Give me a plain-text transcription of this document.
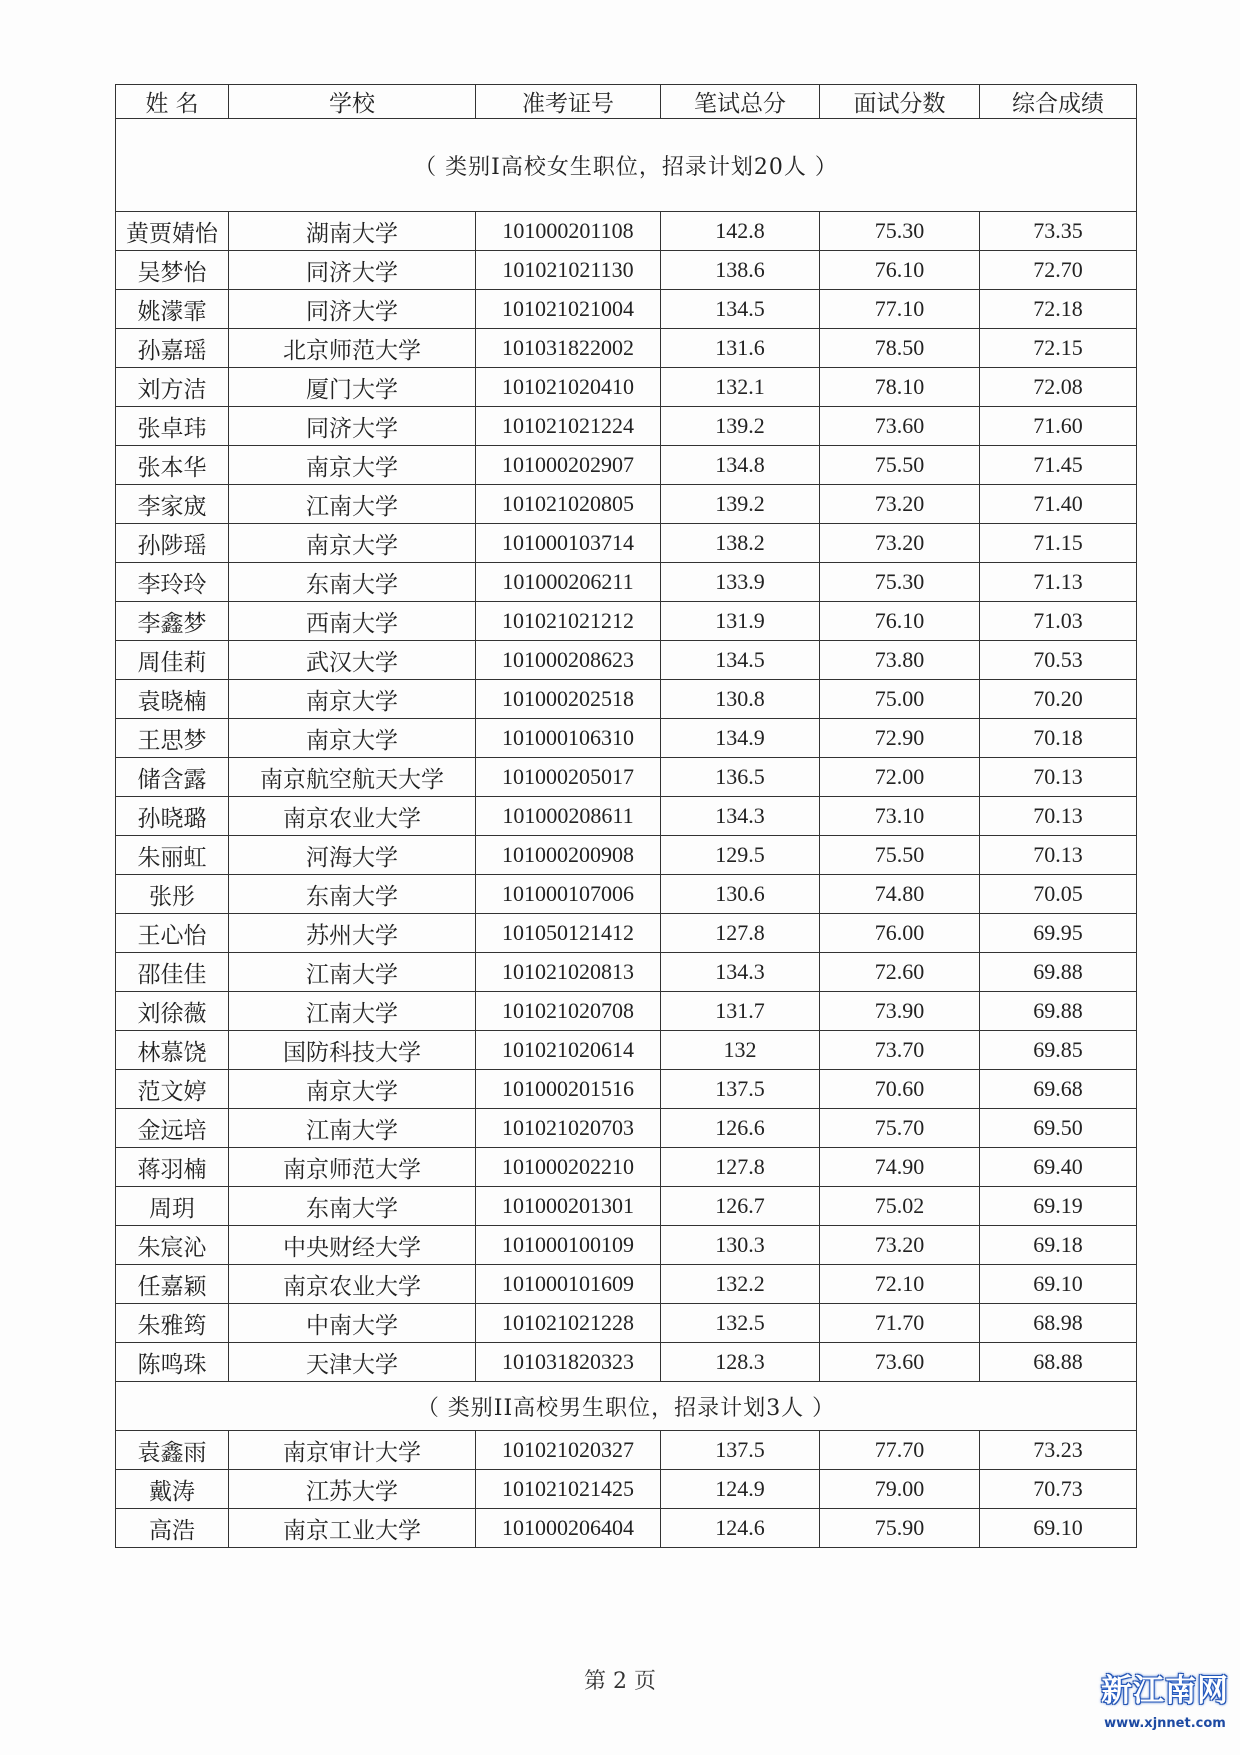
姓 名	学校	准考证号	笔试总分	面试分数	综合成绩
（ 类别I高校女生职位，招录计划20人 ）					
黄贾婧怡	湖南大学	101000201108	142.8	75.30	73.35
吴梦怡	同济大学	101021021130	138.6	76.10	72.70
姚濛霏	同济大学	101021021004	134.5	77.10	72.18
孙嘉瑶	北京师范大学	101031822002	131.6	78.50	72.15
刘方洁	厦门大学	101021020410	132.1	78.10	72.08
张卓玮	同济大学	101021021224	139.2	73.60	71.60
张本华	南京大学	101000202907	134.8	75.50	71.45
李家宬	江南大学	101021020805	139.2	73.20	71.40
孙陟瑶	南京大学	101000103714	138.2	73.20	71.15
李玲玲	东南大学	101000206211	133.9	75.30	71.13
李鑫梦	西南大学	101021021212	131.9	76.10	71.03
周佳莉	武汉大学	101000208623	134.5	73.80	70.53
袁晓楠	南京大学	101000202518	130.8	75.00	70.20
王思梦	南京大学	101000106310	134.9	72.90	70.18
储含露	南京航空航天大学	101000205017	136.5	72.00	70.13
孙晓璐	南京农业大学	101000208611	134.3	73.10	70.13
朱丽虹	河海大学	101000200908	129.5	75.50	70.13
张彤	东南大学	101000107006	130.6	74.80	70.05
王心怡	苏州大学	101050121412	127.8	76.00	69.95
邵佳佳	江南大学	101021020813	134.3	72.60	69.88
刘徐薇	江南大学	101021020708	131.7	73.90	69.88
林慕饶	国防科技大学	101021020614	132	73.70	69.85
范文婷	南京大学	101000201516	137.5	70.60	69.68
金远培	江南大学	101021020703	126.6	75.70	69.50
蒋羽楠	南京师范大学	101000202210	127.8	74.90	69.40
周玥	东南大学	101000201301	126.7	75.02	69.19
朱宸沁	中央财经大学	101000100109	130.3	73.20	69.18
任嘉颖	南京农业大学	101000101609	132.2	72.10	69.10
朱雅筠	中南大学	101021021228	132.5	71.70	68.98
陈鸣珠	天津大学	101031820323	128.3	73.60	68.88
（ 类别II高校男生职位，招录计划3人 ）					
袁鑫雨	南京审计大学	101021020327	137.5	77.70	73.23
戴涛	江苏大学	101021021425	124.9	79.00	70.73
高浩	南京工业大学	101000206404	124.6	75.90	69.10
第 2 页	新江南网
www.xjnnet.com
